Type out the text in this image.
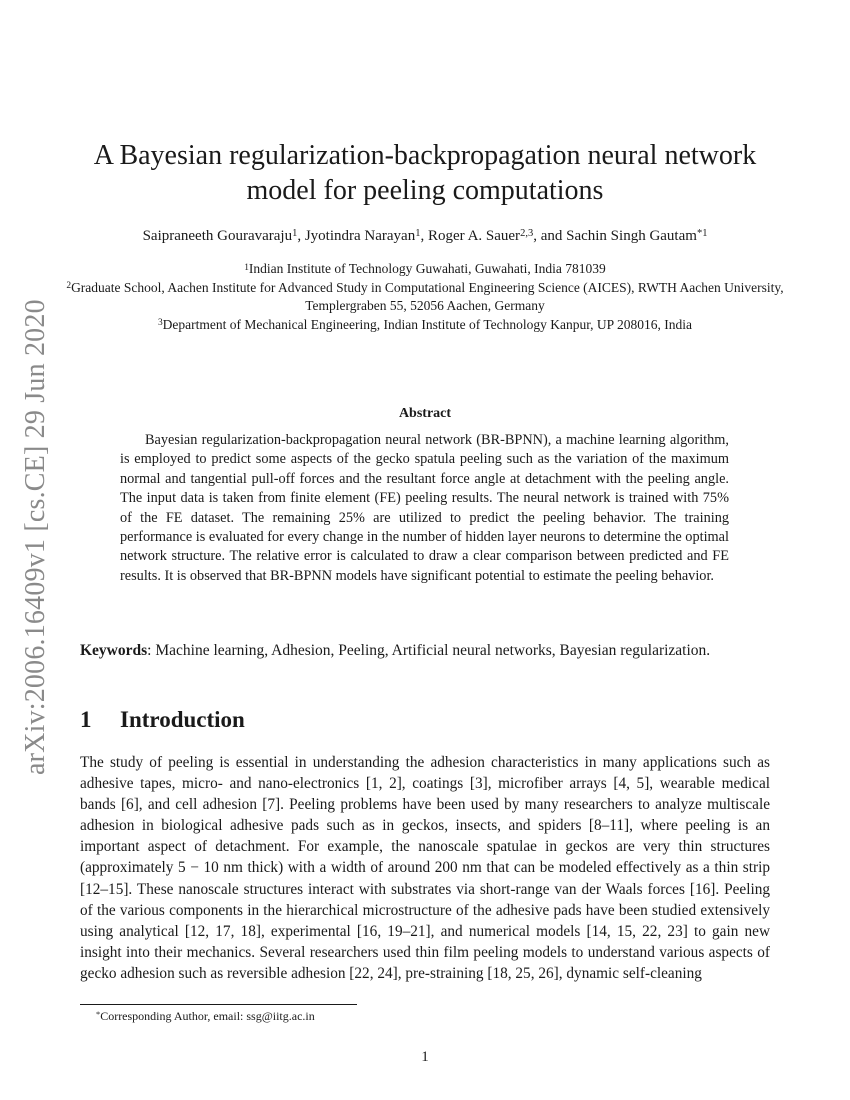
arXiv:2006.16409v1 [cs.CE] 29 Jun 2020
A Bayesian regularization-backpropagation neural network
model for peeling computations
Saipraneeth Gouravaraju$^1$, Jyotindra Narayan$^1$, Roger A. Sauer$^{2,3}$, and Sachin Singh Gautam$^{*1}$
$^1$Indian Institute of Technology Guwahati, Guwahati, India 781039
$^2$Graduate School, Aachen Institute for Advanced Study in Computational Engineering Science (AICES), RWTH Aachen University, Templergraben 55, 52056 Aachen, Germany
$^3$Department of Mechanical Engineering, Indian Institute of Technology Kanpur, UP 208016, India
Abstract
Bayesian regularization-backpropagation neural network (BR-BPNN), a machine learning algorithm, is employed to predict some aspects of the gecko spatula peeling such as the variation of the maximum normal and tangential pull-off forces and the resultant force angle at detachment with the peeling angle. The input data is taken from finite element (FE) peeling results. The neural network is trained with 75% of the FE dataset. The remaining 25% are utilized to predict the peeling behavior. The training performance is evaluated for every change in the number of hidden layer neurons to determine the optimal network structure. The relative error is calculated to draw a clear comparison between predicted and FE results. It is observed that BR-BPNN models have significant potential to estimate the peeling behavior.
Keywords: Machine learning, Adhesion, Peeling, Artificial neural networks, Bayesian regularization.
1 Introduction
The study of peeling is essential in understanding the adhesion characteristics in many applications such as adhesive tapes, micro- and nano-electronics [1, 2], coatings [3], microfiber arrays [4, 5], wearable medical bands [6], and cell adhesion [7]. Peeling problems have been used by many researchers to analyze multiscale adhesion in biological adhesive pads such as in geckos, insects, and spiders [8–11], where peeling is an important aspect of detachment. For example, the nanoscale spatulae in geckos are very thin structures (approximately 5 − 10 nm thick) with a width of around 200 nm that can be modeled effectively as a thin strip [12–15]. These nanoscale structures interact with substrates via short-range van der Waals forces [16]. Peeling of the various components in the hierarchical microstructure of the adhesive pads have been studied extensively using analytical [12, 17, 18], experimental [16, 19–21], and numerical models [14, 15, 22, 23] to gain new insight into their mechanics. Several researchers used thin film peeling models to understand various aspects of gecko adhesion such as reversible adhesion [22, 24], pre-straining [18, 25, 26], dynamic self-cleaning
*Corresponding Author, email: ssg@iitg.ac.in
1
